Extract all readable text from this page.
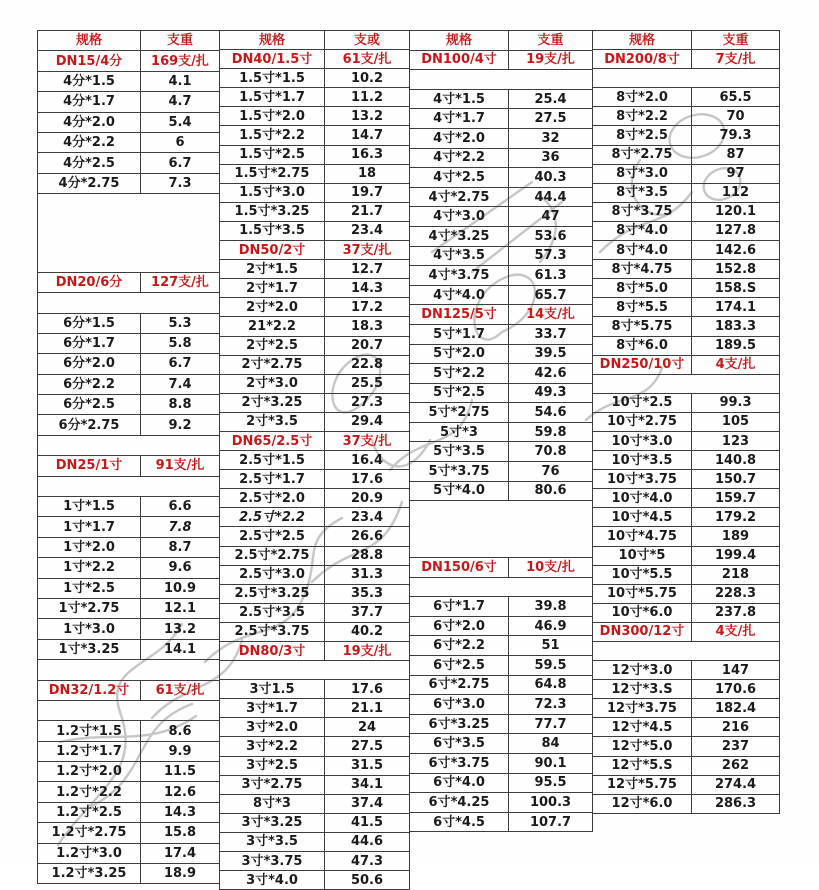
规格	支重
DN15/4分	169支/扎
4分*1.5	4.1
4分*1.7	4.7
4分*2.0	5.4
4分*2.2	6
4分*2.5	6.7
4分*2.75	7.3

DN20/6分	127支/扎

6分*1.5	5.3
6分*1.7	5.8
6分*2.0	6.7
6分*2.2	7.4
6分*2.5	8.8
6分*2.75	9.2

DN25/1寸	91支/扎

1寸*1.5	6.6
1寸*1.7	7.8
1寸*2.0	8.7
1寸*2.2	9.6
1寸*2.5	10.9
1寸*2.75	12.1
1寸*3.0	13.2
1寸*3.25	14.1

DN32/1.2寸	61支/扎

1.2寸*1.5	8.6
1.2寸*1.7	9.9
1.2寸*2.0	11.5
1.2寸*2.2	12.6
1.2寸*2.5	14.3
1.2寸*2.75	15.8
1.2寸*3.0	17.4
1.2寸*3.25	18.9
规格	支或
DN40/1.5寸	61支/扎
1.5寸*1.5	10.2
1.5寸*1.7	11.2
1.5寸*2.0	13.2
1.5寸*2.2	14.7
1.5寸*2.5	16.3
1.5寸*2.75	18
1.5寸*3.0	19.7
1.5寸*3.25	21.7
1.5寸*3.5	23.4
DN50/2寸	37支/扎
2寸*1.5	12.7
2寸*1.7	14.3
2寸*2.0	17.2
21*2.2	18.3
2寸*2.5	20.7
2寸*2.75	22.8
2寸*3.0	25.5
2寸*3.25	27.3
2寸*3.5	29.4
DN65/2.5寸	37支/扎
2.5寸*1.5	16.4
2.5寸*1.7	17.6
2.5寸*2.0	20.9
2.5寸*2.2	23.4
2.5寸*2.5	26.6
2.5寸*2.75	28.8
2.5寸*3.0	31.3
2.5寸*3.25	35.3
2.5寸*3.5	37.7
2.5寸*3.75	40.2
DN80/3寸	19支/扎

3寸1.5	17.6
3寸*1.7	21.1
3寸*2.0	24
3寸*2.2	27.5
3寸*2.5	31.5
3寸*2.75	34.1
8寸*3	37.4
3寸*3.25	41.5
3寸*3.5	44.6
3寸*3.75	47.3
3寸*4.0	50.6
规格	支重
DN100/4寸	19支/扎

4寸*1.5	25.4
4寸*1.7	27.5
4寸*2.0	32
4寸*2.2	36
4寸*2.5	40.3
4寸*2.75	44.4
4寸*3.0	47
4寸*3.25	53.6
4寸*3.5	57.3
4寸*3.75	61.3
4寸*4.0	65.7
DN125/5寸	14支/扎
5寸*1.7	33.7
5寸*2.0	39.5
5寸*2.2	42.6
5寸*2.5	49.3
5寸*2.75	54.6
5寸*3	59.8
5寸*3.5	70.8
5寸*3.75	76
5寸*4.0	80.6

DN150/6寸	10支/扎

6寸*1.7	39.8
6寸*2.0	46.9
6寸*2.2	51
6寸*2.5	59.5
6寸*2.75	64.8
6寸*3.0	72.3
6寸*3.25	77.7
6寸*3.5	84
6寸*3.75	90.1
6寸*4.0	95.5
6寸*4.25	100.3
6寸*4.5	107.7
规格	支重
DN200/8寸	7支/扎

8寸*2.0	65.5
8寸*2.2	70
8寸*2.5	79.3
8寸*2.75	87
8寸*3.0	97
8寸*3.5	112
8寸*3.75	120.1
8寸*4.0	127.8
8寸*4.0	142.6
8寸*4.75	152.8
8寸*5.0	158.S
8寸*5.5	174.1
8寸*5.75	183.3
8寸*6.0	189.5
DN250/10寸	4支/扎

10寸*2.5	99.3
10寸*2.75	105
10寸*3.0	123
10寸*3.5	140.8
10寸*3.75	150.7
10寸*4.0	159.7
10寸*4.5	179.2
10寸*4.75	189
10寸*5	199.4
10寸*5.5	218
10寸*5.75	228.3
10寸*6.0	237.8
DN300/12寸	4支/扎

12寸*3.0	147
12寸*3.S	170.6
12寸*3.75	182.4
12寸*4.5	216
12寸*5.0	237
12寸*5.S	262
12寸*5.75	274.4
12寸*6.0	286.3
